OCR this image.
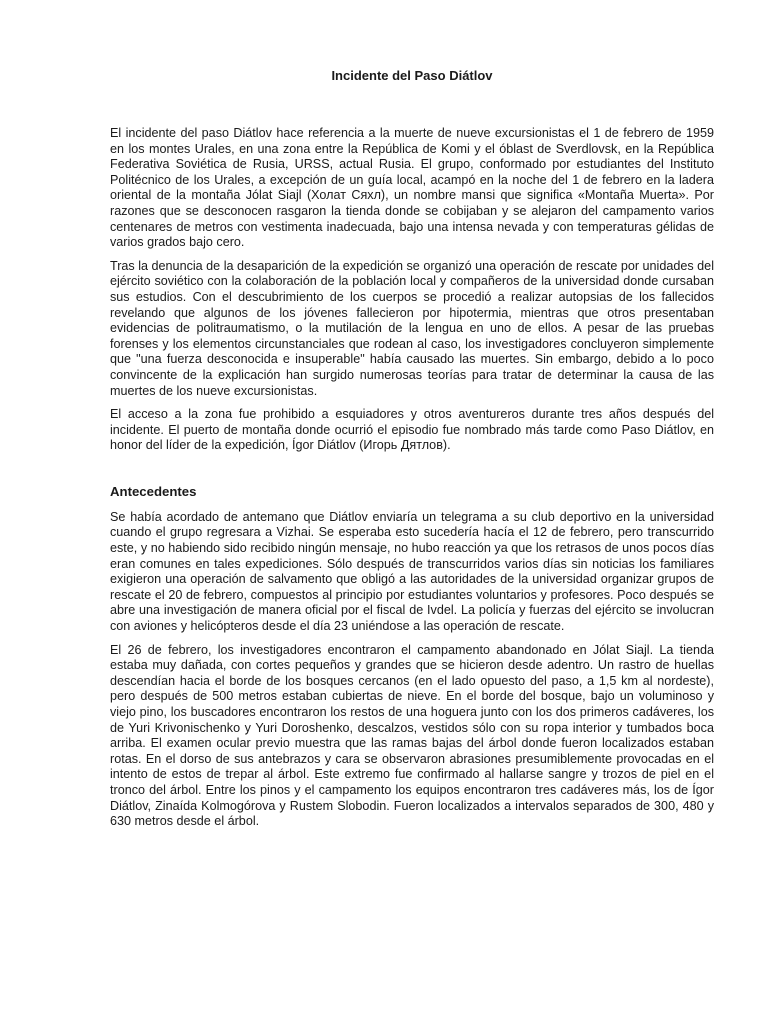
Incidente del Paso Diátlov

El incidente del paso Diátlov hace referencia a la muerte de nueve excursionistas el 1 de febrero de 1959 en los montes Urales, en una zona entre la República de Komi y el óblast de Sverdlovsk, en la República Federativa Soviética de Rusia, URSS, actual Rusia. El grupo, conformado por estudiantes del Instituto Politécnico de los Urales, a excepción de un guía local, acampó en la noche del 1 de febrero en la ladera oriental de la montaña Jólat Siajl (Холат Сяхл), un nombre mansi que significa «Montaña Muerta». Por razones que se desconocen rasgaron la tienda donde se cobijaban y se alejaron del campamento varios centenares de metros con vestimenta inadecuada, bajo una intensa nevada y con temperaturas gélidas de varios grados bajo cero.

Tras la denuncia de la desaparición de la expedición se organizó una operación de rescate por unidades del ejército soviético con la colaboración de la población local y compañeros de la universidad donde cursaban sus estudios. Con el descubrimiento de los cuerpos se procedió a realizar autopsias de los fallecidos revelando que algunos de los jóvenes fallecieron por hipotermia, mientras que otros presentaban evidencias de politraumatismo, o la mutilación de la lengua en uno de ellos. A pesar de las pruebas forenses y los elementos circunstanciales que rodean al caso, los investigadores concluyeron simplemente que "una fuerza desconocida e insuperable" había causado las muertes. Sin embargo, debido a lo poco convincente de la explicación han surgido numerosas teorías para tratar de determinar la causa de las muertes de los nueve excursionistas.

El acceso a la zona fue prohibido a esquiadores y otros aventureros durante tres años después del incidente. El puerto de montaña donde ocurrió el episodio fue nombrado más tarde como Paso Diátlov, en honor del líder de la expedición, Ígor Diátlov (Игорь Дятлов).

Antecedentes

Se había acordado de antemano que Diátlov enviaría un telegrama a su club deportivo en la universidad cuando el grupo regresara a Vizhai. Se esperaba esto sucedería hacía el 12 de febrero, pero transcurrido este, y no habiendo sido recibido ningún mensaje, no hubo reacción ya que los retrasos de unos pocos días eran comunes en tales expediciones. Sólo después de transcurridos varios días sin noticias los familiares exigieron una operación de salvamento que obligó a las autoridades de la universidad organizar grupos de rescate el 20 de febrero, compuestos al principio por estudiantes voluntarios y profesores. Poco después se abre una investigación de manera oficial por el fiscal de Ivdel. La policía y fuerzas del ejército se involucran con aviones y helicópteros desde el día 23 uniéndose a las operación de rescate.

El 26 de febrero, los investigadores encontraron el campamento abandonado en Jólat Siajl. La tienda estaba muy dañada, con cortes pequeños y grandes que se hicieron desde adentro. Un rastro de huellas descendían hacia el borde de los bosques cercanos (en el lado opuesto del paso, a 1,5 km al nordeste), pero después de 500 metros estaban cubiertas de nieve. En el borde del bosque, bajo un voluminoso y viejo pino, los buscadores encontraron los restos de una hoguera junto con los dos primeros cadáveres, los de Yuri Krivonischenko y Yuri Doroshenko, descalzos, vestidos sólo con su ropa interior y tumbados boca arriba. El examen ocular previo muestra que las ramas bajas del árbol donde fueron localizados estaban rotas. En el dorso de sus antebrazos y cara se observaron abrasiones presumiblemente provocadas en el intento de estos de trepar al árbol. Este extremo fue confirmado al hallarse sangre y trozos de piel en el tronco del árbol. Entre los pinos y el campamento los equipos encontraron tres cadáveres más, los de Ígor Diátlov, Zinaída Kolmogórova y Rustem Slobodin. Fueron localizados a intervalos separados de 300, 480 y 630 metros desde el árbol.
